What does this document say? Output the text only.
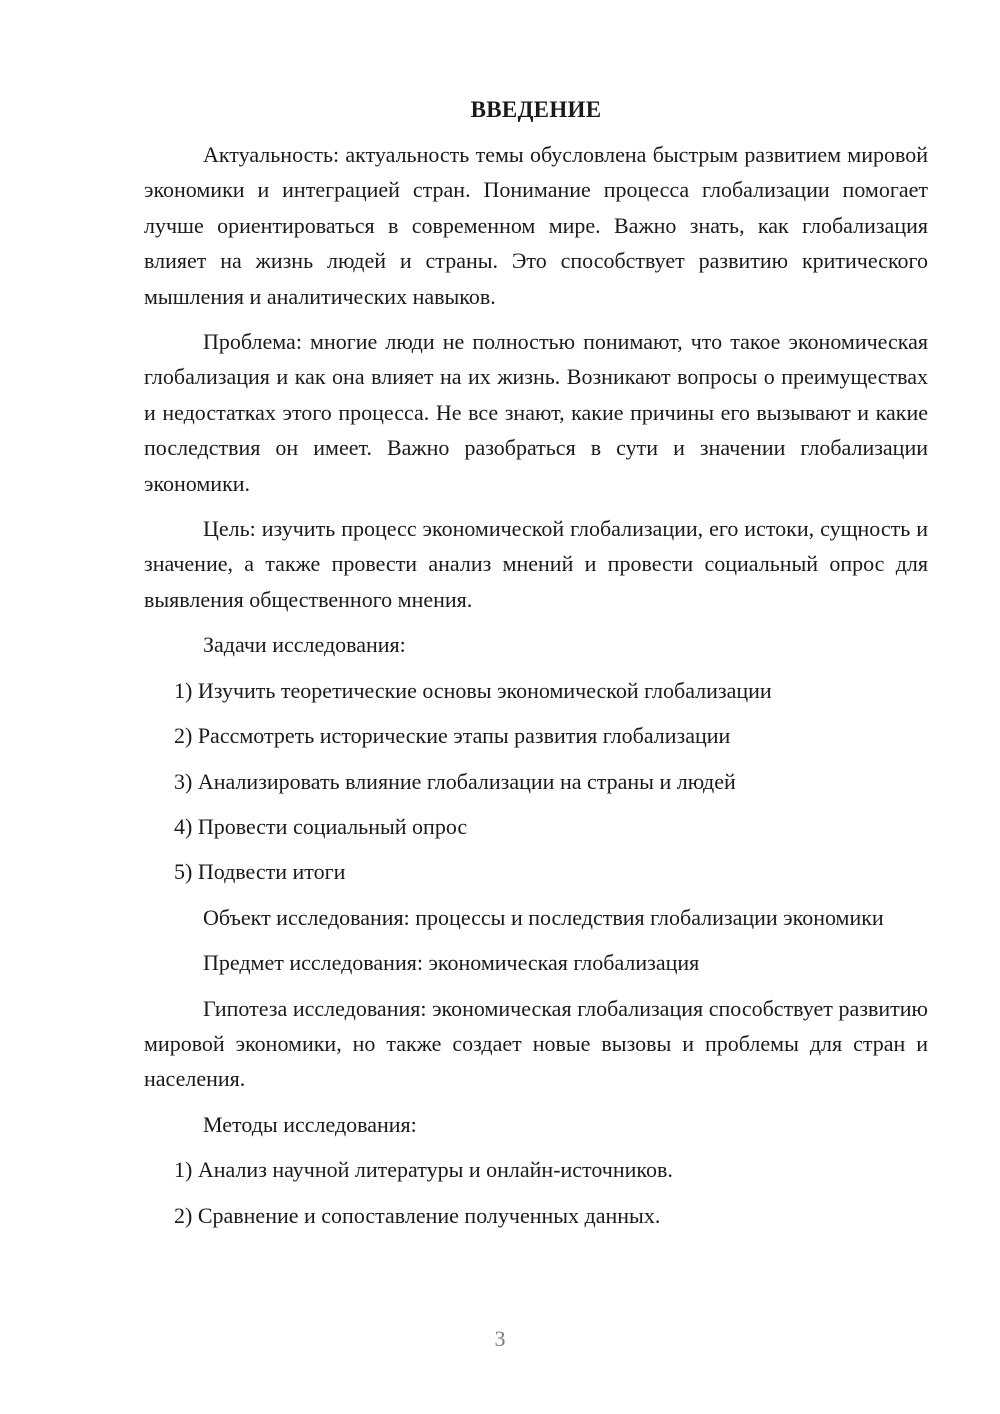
ВВЕДЕНИЕ

Актуальность: актуальность темы обусловлена быстрым развитием мировой экономики и интеграцией стран. Понимание процесса глобализации помогает лучше ориентироваться в современном мире. Важно знать, как глобализация влияет на жизнь людей и страны. Это способствует развитию критического мышления и аналитических навыков.

Проблема: многие люди не полностью понимают, что такое экономическая глобализация и как она влияет на их жизнь. Возникают вопросы о преимуществах и недостатках этого процесса. Не все знают, какие причины его вызывают и какие последствия он имеет. Важно разобраться в сути и значении глобализации экономики.

Цель: изучить процесс экономической глобализации, его истоки, сущность и значение, а также провести анализ мнений и провести социальный опрос для выявления общественного мнения.

Задачи исследования:

1) Изучить теоретические основы экономической глобализации
2) Рассмотреть исторические этапы развития глобализации
3) Анализировать влияние глобализации на страны и людей
4) Провести социальный опрос
5) Подвести итоги

Объект исследования: процессы и последствия глобализации экономики

Предмет исследования: экономическая глобализация

Гипотеза исследования: экономическая глобализация способствует развитию мировой экономики, но также создает новые вызовы и проблемы для стран и населения.

Методы исследования:

1) Анализ научной литературы и онлайн-источников.
2) Сравнение и сопоставление полученных данных.
3
